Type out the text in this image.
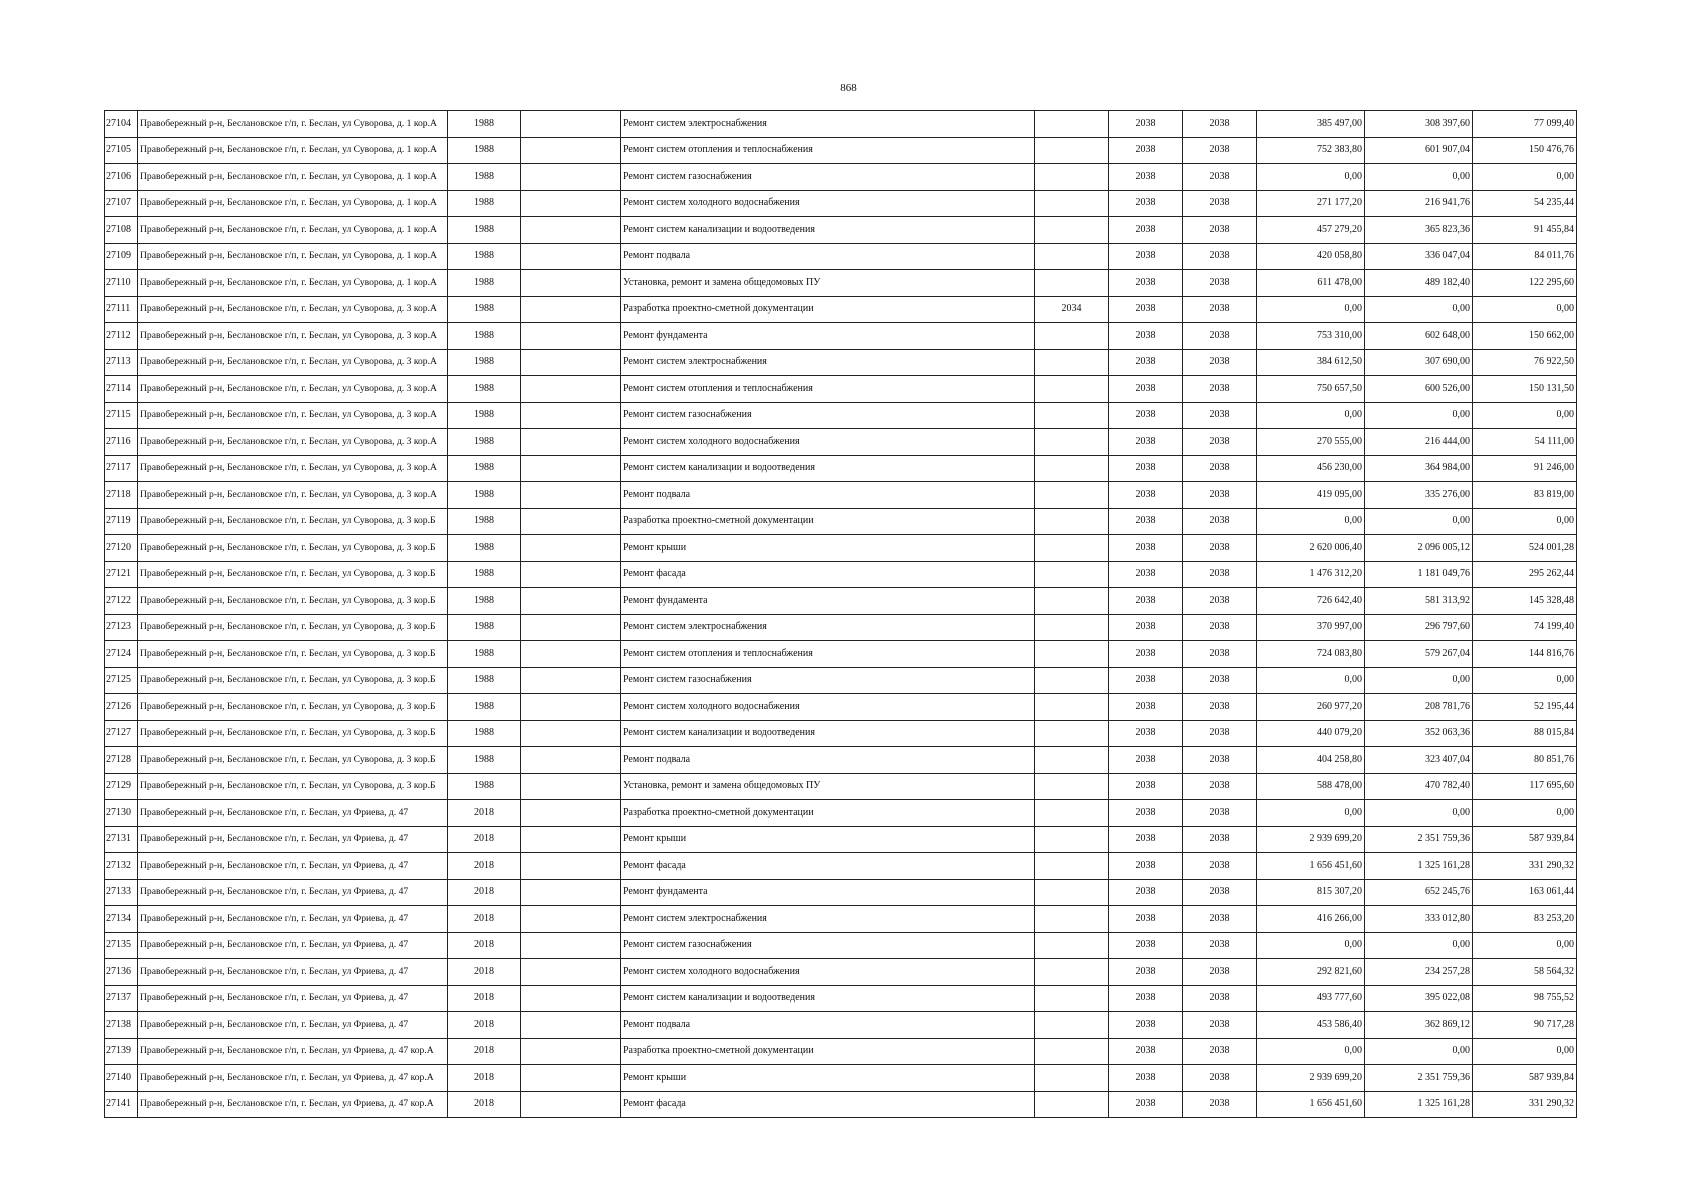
868
27104	Правобережный р-н, Беслановское г/п, г. Беслан, ул Суворова, д. 1 кор.А	1988		Ремонт систем электроснабжения		2038	2038	385 497,00	308 397,60	77 099,40
27105	Правобережный р-н, Беслановское г/п, г. Беслан, ул Суворова, д. 1 кор.А	1988		Ремонт систем отопления и теплоснабжения		2038	2038	752 383,80	601 907,04	150 476,76
27106	Правобережный р-н, Беслановское г/п, г. Беслан, ул Суворова, д. 1 кор.А	1988		Ремонт систем газоснабжения		2038	2038	0,00	0,00	0,00
27107	Правобережный р-н, Беслановское г/п, г. Беслан, ул Суворова, д. 1 кор.А	1988		Ремонт систем холодного водоснабжения		2038	2038	271 177,20	216 941,76	54 235,44
27108	Правобережный р-н, Беслановское г/п, г. Беслан, ул Суворова, д. 1 кор.А	1988		Ремонт систем канализации и водоотведения		2038	2038	457 279,20	365 823,36	91 455,84
27109	Правобережный р-н, Беслановское г/п, г. Беслан, ул Суворова, д. 1 кор.А	1988		Ремонт подвала		2038	2038	420 058,80	336 047,04	84 011,76
27110	Правобережный р-н, Беслановское г/п, г. Беслан, ул Суворова, д. 1 кор.А	1988		Установка, ремонт и замена общедомовых ПУ		2038	2038	611 478,00	489 182,40	122 295,60
27111	Правобережный р-н, Беслановское г/п, г. Беслан, ул Суворова, д. 3 кор.А	1988		Разработка проектно-сметной документации	2034	2038	2038	0,00	0,00	0,00
27112	Правобережный р-н, Беслановское г/п, г. Беслан, ул Суворова, д. 3 кор.А	1988		Ремонт фундамента		2038	2038	753 310,00	602 648,00	150 662,00
27113	Правобережный р-н, Беслановское г/п, г. Беслан, ул Суворова, д. 3 кор.А	1988		Ремонт систем электроснабжения		2038	2038	384 612,50	307 690,00	76 922,50
27114	Правобережный р-н, Беслановское г/п, г. Беслан, ул Суворова, д. 3 кор.А	1988		Ремонт систем отопления и теплоснабжения		2038	2038	750 657,50	600 526,00	150 131,50
27115	Правобережный р-н, Беслановское г/п, г. Беслан, ул Суворова, д. 3 кор.А	1988		Ремонт систем газоснабжения		2038	2038	0,00	0,00	0,00
27116	Правобережный р-н, Беслановское г/п, г. Беслан, ул Суворова, д. 3 кор.А	1988		Ремонт систем холодного водоснабжения		2038	2038	270 555,00	216 444,00	54 111,00
27117	Правобережный р-н, Беслановское г/п, г. Беслан, ул Суворова, д. 3 кор.А	1988		Ремонт систем канализации и водоотведения		2038	2038	456 230,00	364 984,00	91 246,00
27118	Правобережный р-н, Беслановское г/п, г. Беслан, ул Суворова, д. 3 кор.А	1988		Ремонт подвала		2038	2038	419 095,00	335 276,00	83 819,00
27119	Правобережный р-н, Беслановское г/п, г. Беслан, ул Суворова, д. 3 кор.Б	1988		Разработка проектно-сметной документации		2038	2038	0,00	0,00	0,00
27120	Правобережный р-н, Беслановское г/п, г. Беслан, ул Суворова, д. 3 кор.Б	1988		Ремонт крыши		2038	2038	2 620 006,40	2 096 005,12	524 001,28
27121	Правобережный р-н, Беслановское г/п, г. Беслан, ул Суворова, д. 3 кор.Б	1988		Ремонт фасада		2038	2038	1 476 312,20	1 181 049,76	295 262,44
27122	Правобережный р-н, Беслановское г/п, г. Беслан, ул Суворова, д. 3 кор.Б	1988		Ремонт фундамента		2038	2038	726 642,40	581 313,92	145 328,48
27123	Правобережный р-н, Беслановское г/п, г. Беслан, ул Суворова, д. 3 кор.Б	1988		Ремонт систем электроснабжения		2038	2038	370 997,00	296 797,60	74 199,40
27124	Правобережный р-н, Беслановское г/п, г. Беслан, ул Суворова, д. 3 кор.Б	1988		Ремонт систем отопления и теплоснабжения		2038	2038	724 083,80	579 267,04	144 816,76
27125	Правобережный р-н, Беслановское г/п, г. Беслан, ул Суворова, д. 3 кор.Б	1988		Ремонт систем газоснабжения		2038	2038	0,00	0,00	0,00
27126	Правобережный р-н, Беслановское г/п, г. Беслан, ул Суворова, д. 3 кор.Б	1988		Ремонт систем холодного водоснабжения		2038	2038	260 977,20	208 781,76	52 195,44
27127	Правобережный р-н, Беслановское г/п, г. Беслан, ул Суворова, д. 3 кор.Б	1988		Ремонт систем канализации и водоотведения		2038	2038	440 079,20	352 063,36	88 015,84
27128	Правобережный р-н, Беслановское г/п, г. Беслан, ул Суворова, д. 3 кор.Б	1988		Ремонт подвала		2038	2038	404 258,80	323 407,04	80 851,76
27129	Правобережный р-н, Беслановское г/п, г. Беслан, ул Суворова, д. 3 кор.Б	1988		Установка, ремонт и замена общедомовых ПУ		2038	2038	588 478,00	470 782,40	117 695,60
27130	Правобережный р-н, Беслановское г/п, г. Беслан, ул Фриева, д. 47	2018		Разработка проектно-сметной документации		2038	2038	0,00	0,00	0,00
27131	Правобережный р-н, Беслановское г/п, г. Беслан, ул Фриева, д. 47	2018		Ремонт крыши		2038	2038	2 939 699,20	2 351 759,36	587 939,84
27132	Правобережный р-н, Беслановское г/п, г. Беслан, ул Фриева, д. 47	2018		Ремонт фасада		2038	2038	1 656 451,60	1 325 161,28	331 290,32
27133	Правобережный р-н, Беслановское г/п, г. Беслан, ул Фриева, д. 47	2018		Ремонт фундамента		2038	2038	815 307,20	652 245,76	163 061,44
27134	Правобережный р-н, Беслановское г/п, г. Беслан, ул Фриева, д. 47	2018		Ремонт систем электроснабжения		2038	2038	416 266,00	333 012,80	83 253,20
27135	Правобережный р-н, Беслановское г/п, г. Беслан, ул Фриева, д. 47	2018		Ремонт систем газоснабжения		2038	2038	0,00	0,00	0,00
27136	Правобережный р-н, Беслановское г/п, г. Беслан, ул Фриева, д. 47	2018		Ремонт систем холодного водоснабжения		2038	2038	292 821,60	234 257,28	58 564,32
27137	Правобережный р-н, Беслановское г/п, г. Беслан, ул Фриева, д. 47	2018		Ремонт систем канализации и водоотведения		2038	2038	493 777,60	395 022,08	98 755,52
27138	Правобережный р-н, Беслановское г/п, г. Беслан, ул Фриева, д. 47	2018		Ремонт подвала		2038	2038	453 586,40	362 869,12	90 717,28
27139	Правобережный р-н, Беслановское г/п, г. Беслан, ул Фриева, д. 47 кор.А	2018		Разработка проектно-сметной документации		2038	2038	0,00	0,00	0,00
27140	Правобережный р-н, Беслановское г/п, г. Беслан, ул Фриева, д. 47 кор.А	2018		Ремонт крыши		2038	2038	2 939 699,20	2 351 759,36	587 939,84
27141	Правобережный р-н, Беслановское г/п, г. Беслан, ул Фриева, д. 47 кор.А	2018		Ремонт фасада		2038	2038	1 656 451,60	1 325 161,28	331 290,32
